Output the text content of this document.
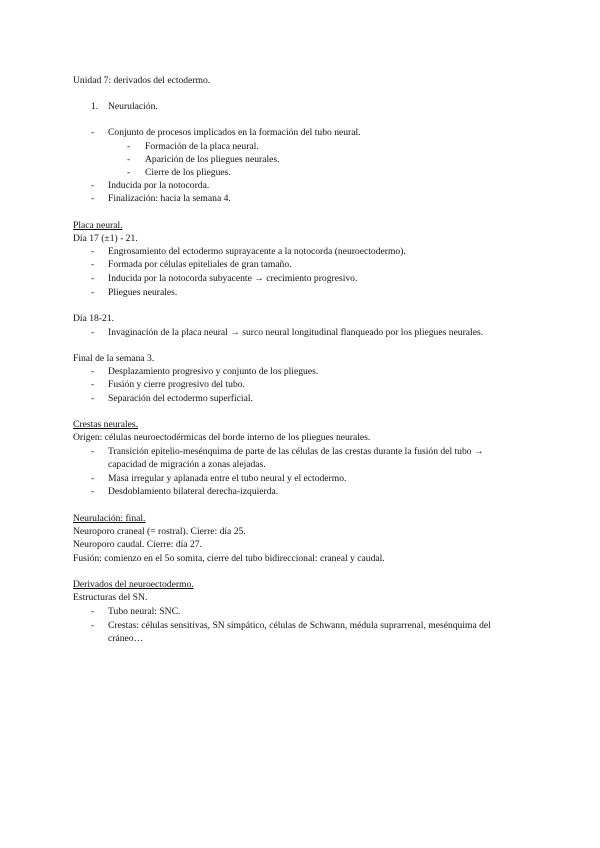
Unidad 7: derivados del ectodermo.
1. Neurulación.
- Conjunto de procesos implicados en la formación del tubo neural.
- Formación de la placa neural.
- Aparición de los pliegues neurales.
- Cierre de los pliegues.
- Inducida por la notocorda.
- Finalización: hacia la semana 4.
Placa neural.
Día 17 (±1) - 21.
- Engrosamiento del ectodermo suprayacente a la notocorda (neuroectodermo).
- Formada por células epiteliales de gran tamaño.
- Inducida por la notocorda subyacente → crecimiento progresivo.
- Pliegues neurales.
Día 18-21.
- Invaginación de la placa neural → surco neural longitudinal flanqueado por los pliegues neurales.
Final de la semana 3.
- Desplazamiento progresivo y conjunto de los pliegues.
- Fusión y cierre progresivo del tubo.
- Separación del ectodermo superficial.
Crestas neurales.
Origen: células neuroectodérmicas del borde interno de los pliegues neurales.
- Transición epitelio-mesénquima de parte de las células de las crestas durante la fusión del tubo →
capacidad de migración a zonas alejadas.
- Masa irregular y aplanada entre el tubo neural y el ectodermo.
- Desdoblamiento bilateral derecha-izquierda.
Neurulación: final.
Neuroporo craneal (= rostral). Cierre: día 25.
Neuroporo caudal. Cierre: día 27.
Fusión: comienzo en el 5o somita, cierre del tubo bidireccional: craneal y caudal.
Derivados del neuroectodermo.
Estructuras del SN.
- Tubo neural: SNC.
- Crestas: células sensitivas, SN simpático, células de Schwann, médula suprarrenal, mesénquima del
cráneo…
